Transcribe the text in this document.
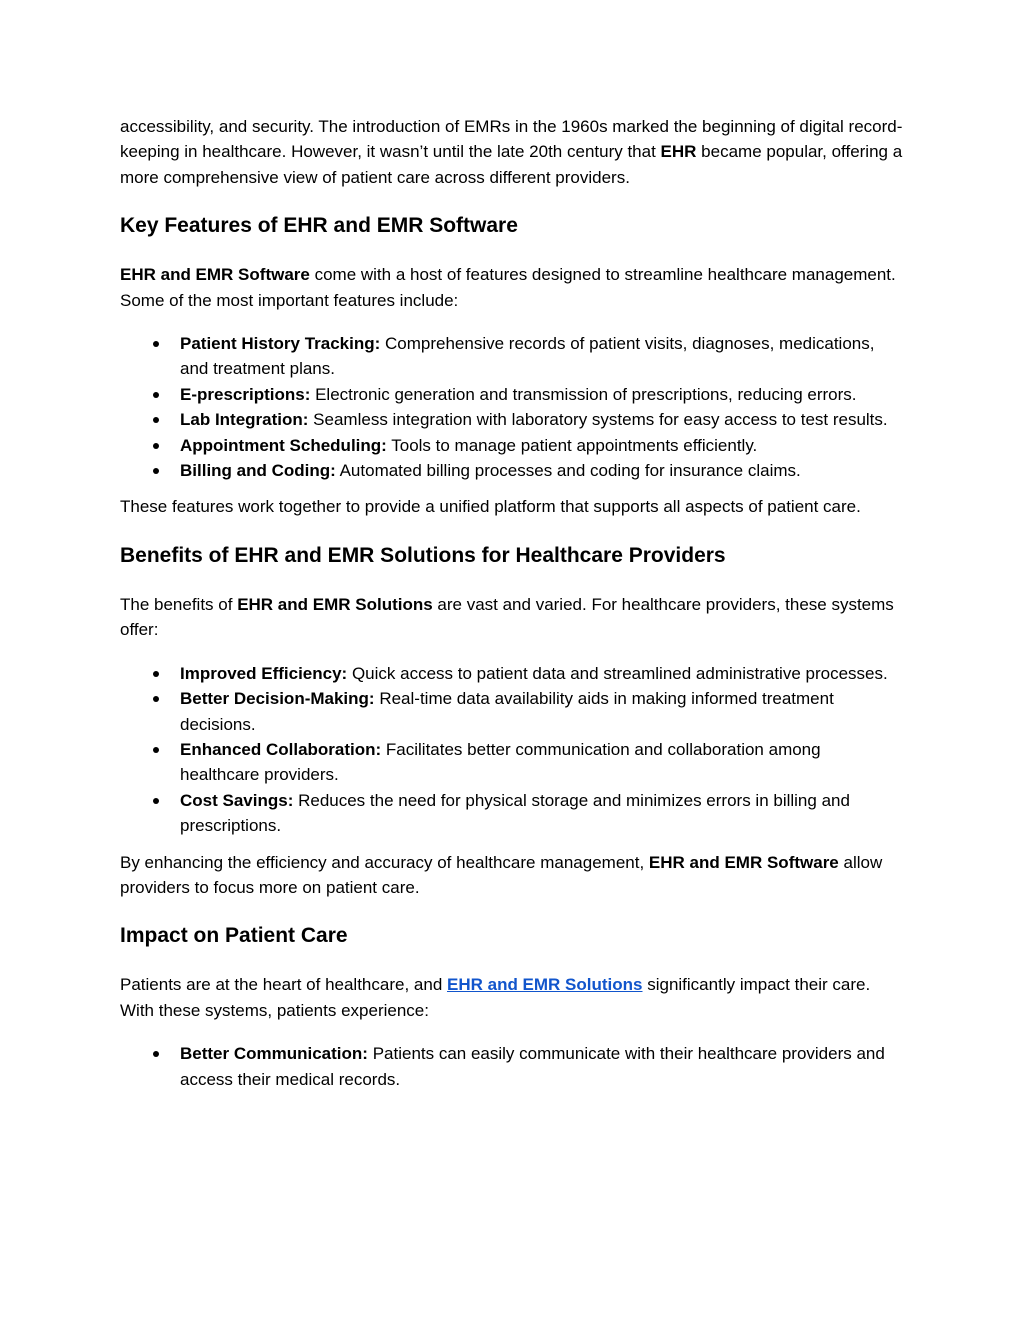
accessibility, and security. The introduction of EMRs in the 1960s marked the beginning of digital record-keeping in healthcare. However, it wasn’t until the late 20th century that EHR became popular, offering a more comprehensive view of patient care across different providers.

Key Features of EHR and EMR Software

EHR and EMR Software come with a host of features designed to streamline healthcare management. Some of the most important features include:

Patient History Tracking: Comprehensive records of patient visits, diagnoses, medications, and treatment plans.
E-prescriptions: Electronic generation and transmission of prescriptions, reducing errors.
Lab Integration: Seamless integration with laboratory systems for easy access to test results.
Appointment Scheduling: Tools to manage patient appointments efficiently.
Billing and Coding: Automated billing processes and coding for insurance claims.

These features work together to provide a unified platform that supports all aspects of patient care.

Benefits of EHR and EMR Solutions for Healthcare Providers

The benefits of EHR and EMR Solutions are vast and varied. For healthcare providers, these systems offer:

Improved Efficiency: Quick access to patient data and streamlined administrative processes.
Better Decision-Making: Real-time data availability aids in making informed treatment decisions.
Enhanced Collaboration: Facilitates better communication and collaboration among healthcare providers.
Cost Savings: Reduces the need for physical storage and minimizes errors in billing and prescriptions.

By enhancing the efficiency and accuracy of healthcare management, EHR and EMR Software allow providers to focus more on patient care.

Impact on Patient Care

Patients are at the heart of healthcare, and EHR and EMR Solutions significantly impact their care. With these systems, patients experience:

Better Communication: Patients can easily communicate with their healthcare providers and access their medical records.
